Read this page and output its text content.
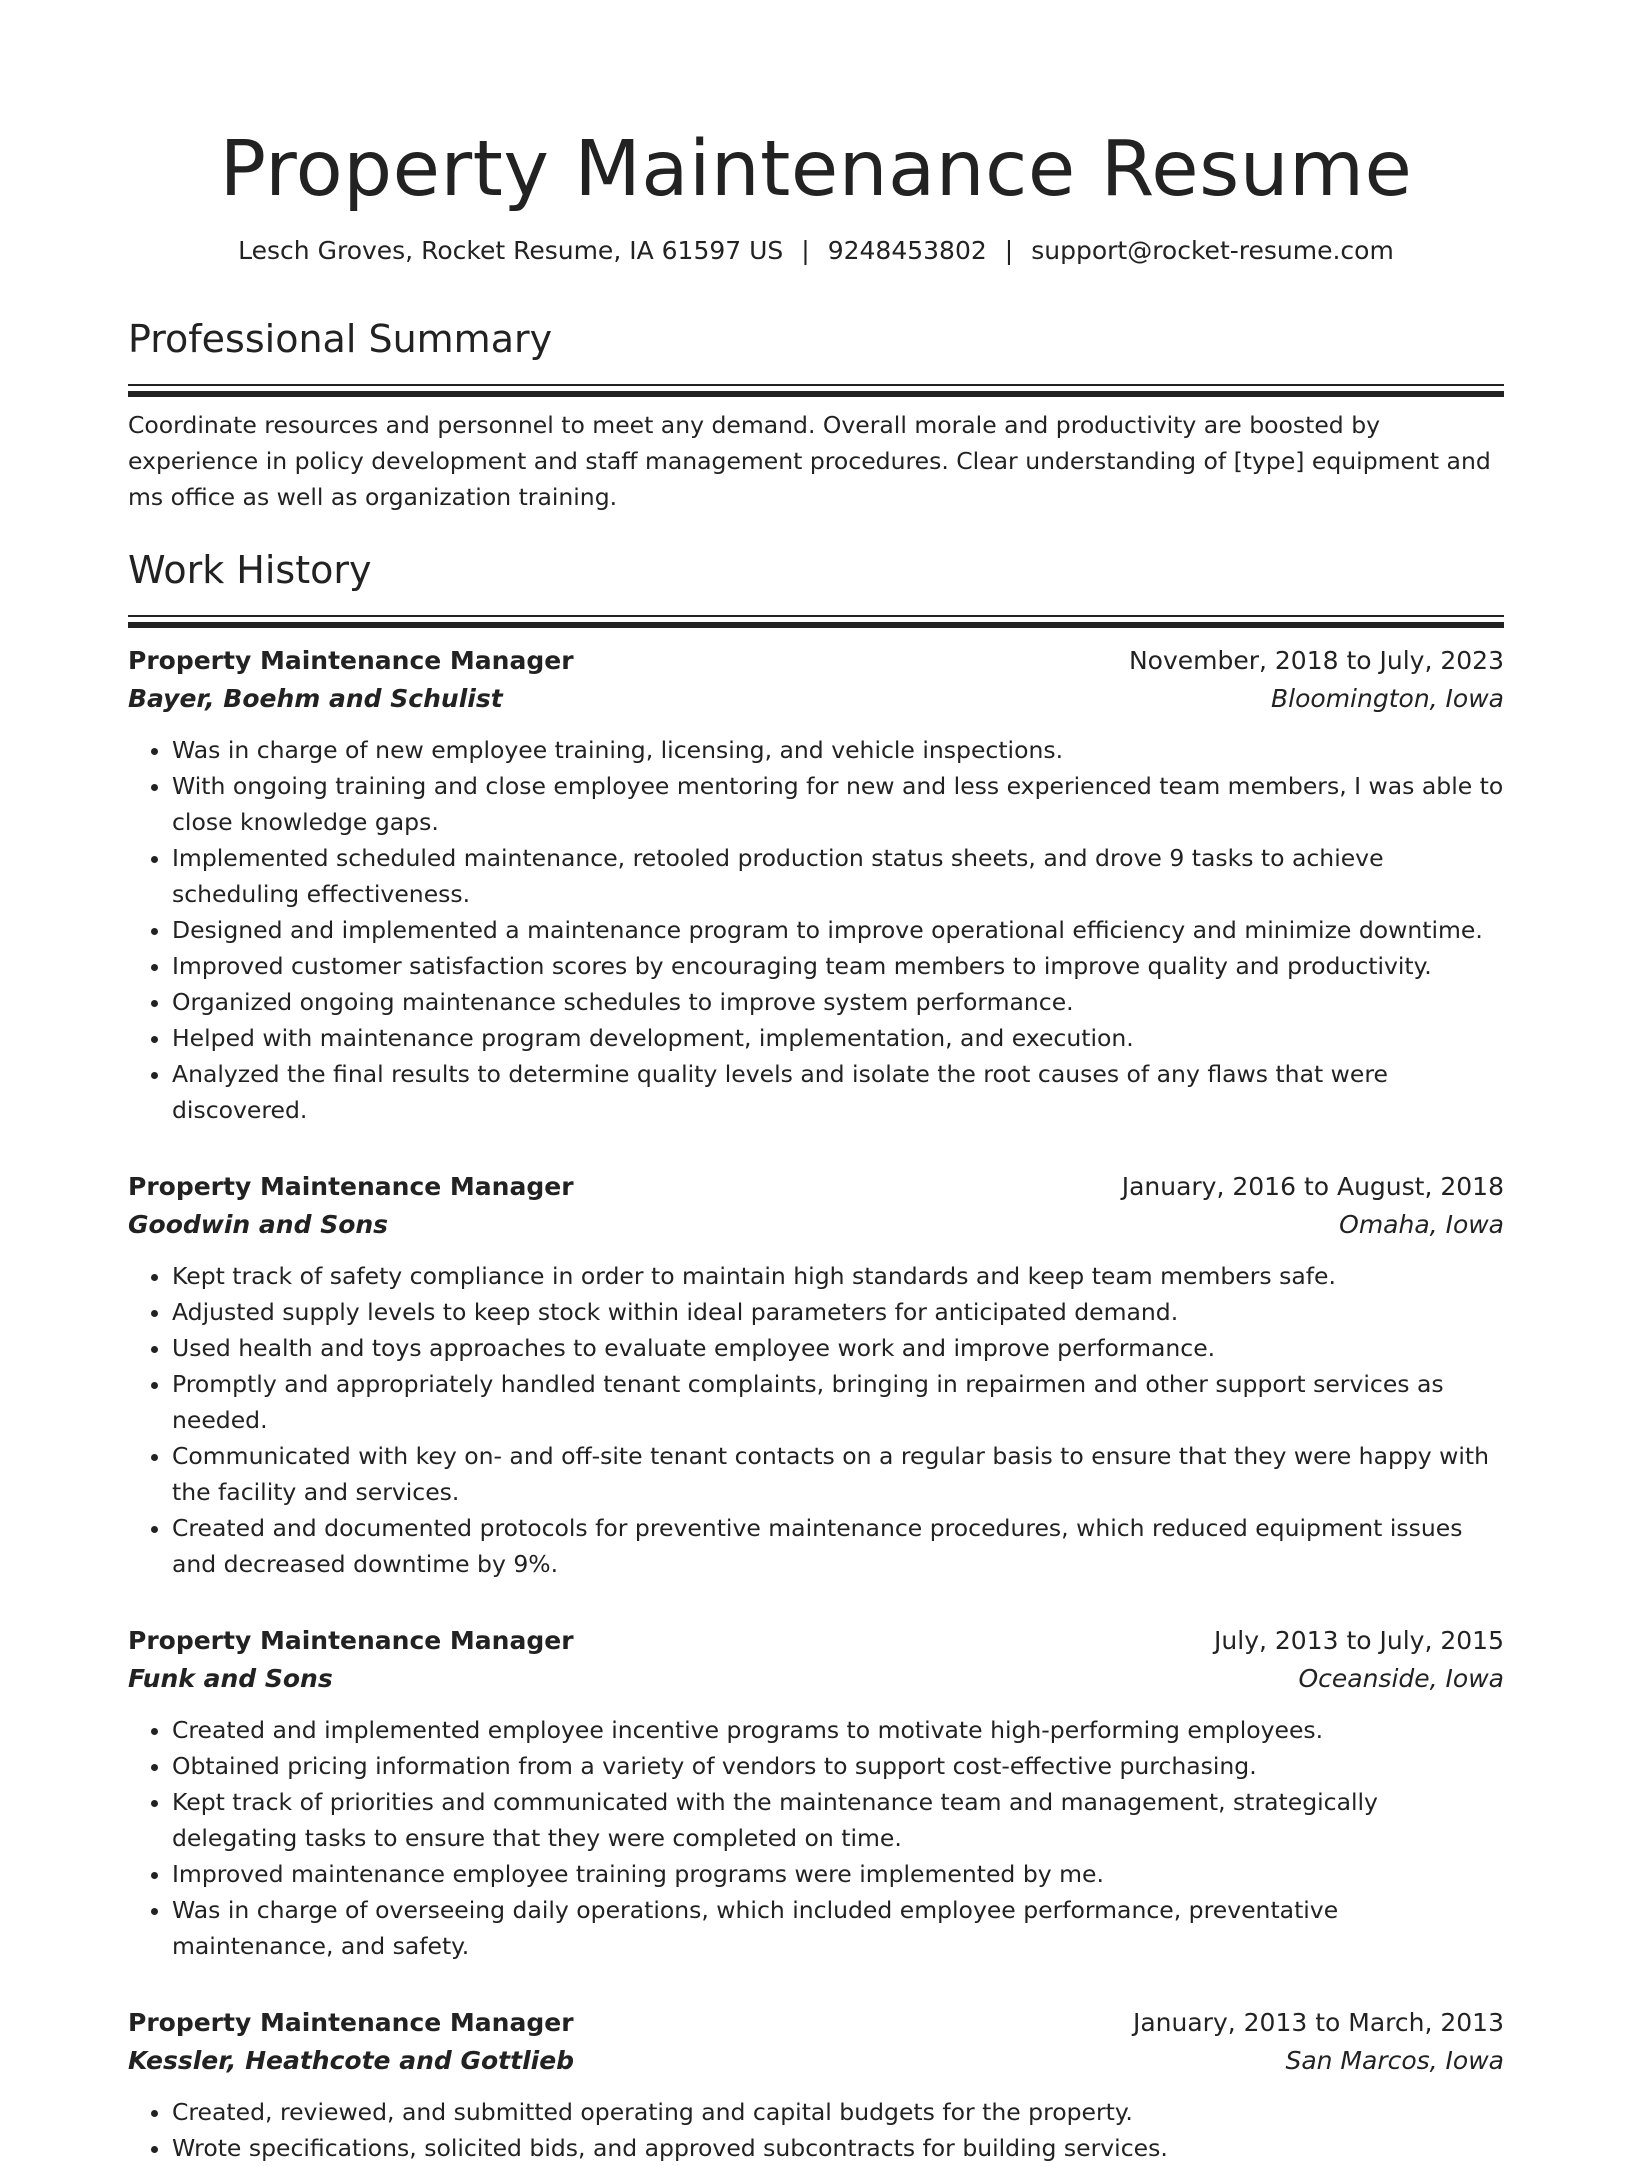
Property Maintenance Resume
Lesch Groves, Rocket Resume, IA 61597 US | 9248453802 | support@rocket-resume.com
Professional Summary

Coordinate resources and personnel to meet any demand. Overall morale and productivity are boosted by experience in policy development and staff management procedures. Clear understanding of [type] equipment and ms office as well as organization training.

Work History
Property Maintenance Manager	November, 2018 to July, 2023
Bayer, Boehm and Schulist	Bloomington, Iowa
• Was in charge of new employee training, licensing, and vehicle inspections.
• With ongoing training and close employee mentoring for new and less experienced team members, I was able to close knowledge gaps.
• Implemented scheduled maintenance, retooled production status sheets, and drove 9 tasks to achieve scheduling effectiveness.
• Designed and implemented a maintenance program to improve operational efficiency and minimize downtime.
• Improved customer satisfaction scores by encouraging team members to improve quality and productivity.
• Organized ongoing maintenance schedules to improve system performance.
• Helped with maintenance program development, implementation, and execution.
• Analyzed the final results to determine quality levels and isolate the root causes of any flaws that were discovered.
Property Maintenance Manager	January, 2016 to August, 2018
Goodwin and Sons	Omaha, Iowa
• Kept track of safety compliance in order to maintain high standards and keep team members safe.
• Adjusted supply levels to keep stock within ideal parameters for anticipated demand.
• Used health and toys approaches to evaluate employee work and improve performance.
• Promptly and appropriately handled tenant complaints, bringing in repairmen and other support services as needed.
• Communicated with key on- and off-site tenant contacts on a regular basis to ensure that they were happy with the facility and services.
• Created and documented protocols for preventive maintenance procedures, which reduced equipment issues and decreased downtime by 9%.
Property Maintenance Manager	July, 2013 to July, 2015
Funk and Sons	Oceanside, Iowa
• Created and implemented employee incentive programs to motivate high-performing employees.
• Obtained pricing information from a variety of vendors to support cost-effective purchasing.
• Kept track of priorities and communicated with the maintenance team and management, strategically delegating tasks to ensure that they were completed on time.
• Improved maintenance employee training programs were implemented by me.
• Was in charge of overseeing daily operations, which included employee performance, preventative maintenance, and safety.
Property Maintenance Manager	January, 2013 to March, 2013
Kessler, Heathcote and Gottlieb	San Marcos, Iowa
• Created, reviewed, and submitted operating and capital budgets for the property.
• Wrote specifications, solicited bids, and approved subcontracts for building services.
